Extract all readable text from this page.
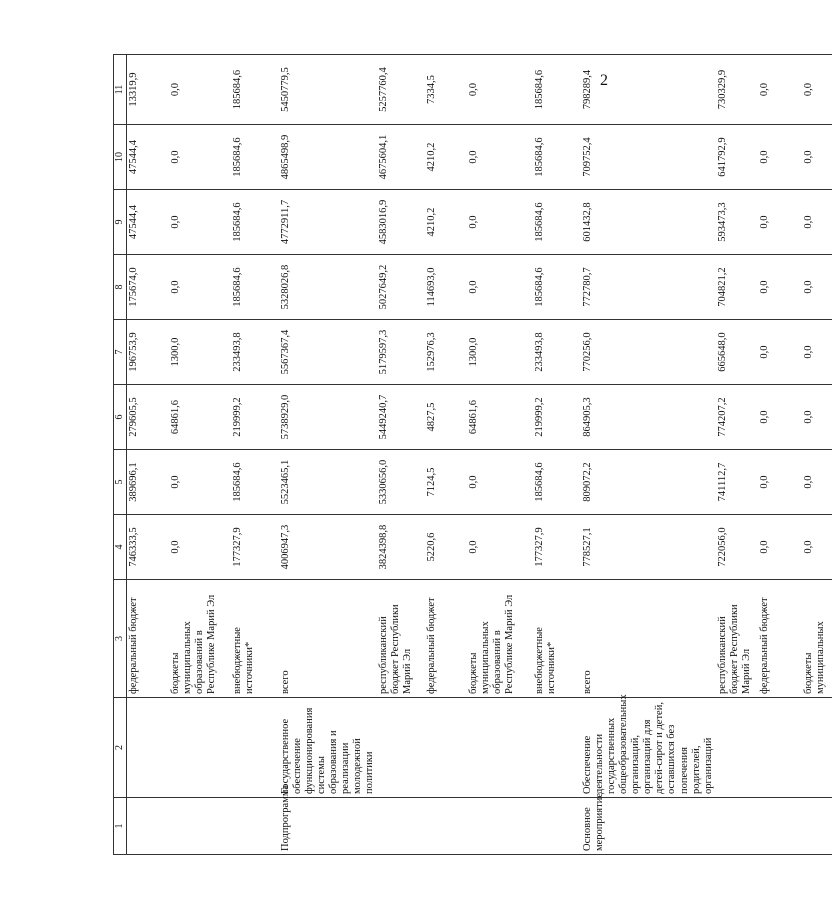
2
1	2	3	4	5	6	7	8	9	10	11
		федеральный бюджет	746333,5	389696,1	279605,5	196753,9	175674,0	47544,4	47544,4	13319,9
		бюджеты муниципальных образований в Республике Марий Эл	0,0	0,0	64861,6	1300,0	0,0	0,0	0,0	0,0
		внебюджетные источники*	177327,9	185684,6	219999,2	233493,8	185684,6	185684,6	185684,6	185684,6
Подпрограмма	Государственное обеспечение функционирования системы образования и реализации молодежной политики	всего	4006947,3	5523465,1	5738929,0	5567367,4	5328026,8	4772911,7	4865498,9	5450779,5
		республиканский бюджет Республики Марий Эл	3824398,8	5330656,0	5449240,7	5179597,3	5027649,2	4583016,9	4675604,1	5257760,4
		федеральный бюджет	5220,6	7124,5	4827,5	152976,3	114693,0	4210,2	4210,2	7334,5
		бюджеты муниципальных образований в Республике Марий Эл	0,0	0,0	64861,6	1300,0	0,0	0,0	0,0	0,0
		внебюджетные источники*	177327,9	185684,6	219999,2	233493,8	185684,6	185684,6	185684,6	185684,6
Основное мероприятие	Обеспечение деятельности государственных общеобразовательных организаций, организаций для детей-сирот и детей, оставшихся без попечения родителей, организаций	всего	778527,1	809072,2	864905,3	770256,0	772780,7	601432,8	709752,4	798289,4
		республиканский бюджет Республики Марий Эл	722056,0	741112,7	774207,2	665648,0	704821,2	593473,3	641792,9	730329,9
		федеральный бюджет	0,0	0,0	0,0	0,0	0,0	0,0	0,0	0,0
		бюджеты муниципальных	0,0	0,0	0,0	0,0	0,0	0,0	0,0	0,0
